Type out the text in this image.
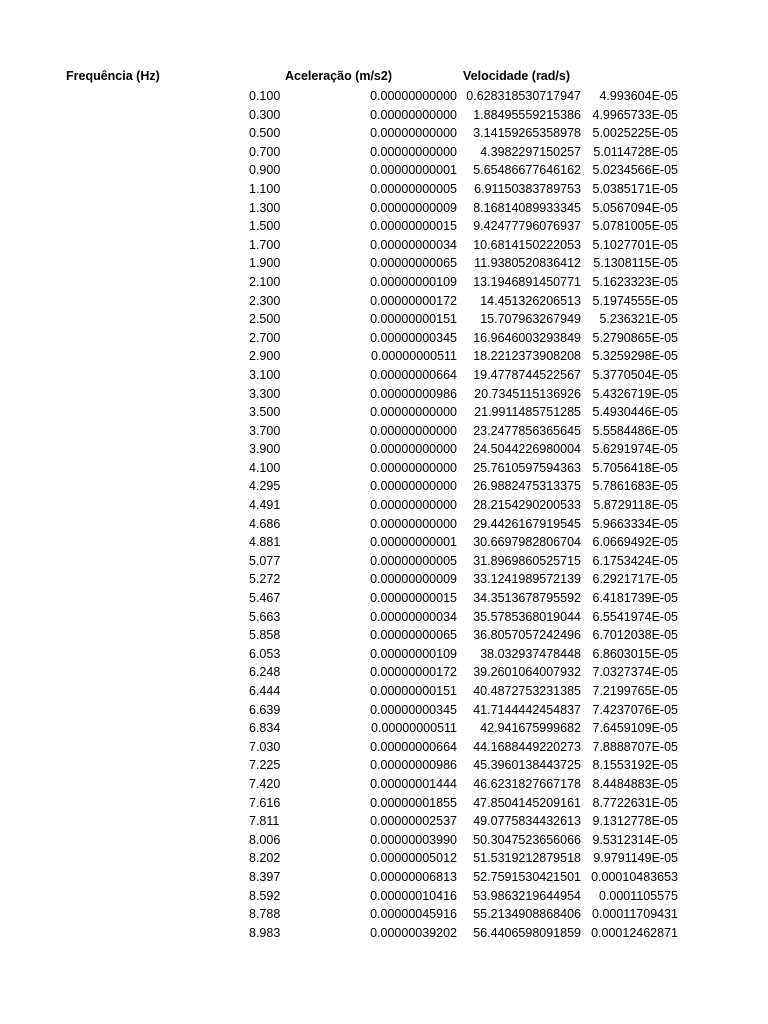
Frequência (Hz)	Aceleração (m/s2)	Velocidade (rad/s)
0.100	0.00000000000 0.628318530717947 4.993604E-05
0.300	0.00000000000 1.88495559215386 4.9965733E-05
0.500	0.00000000000 3.14159265358978 5.0025225E-05
0.700	0.00000000000 4.3982297150257 5.0114728E-05
0.900	0.00000000001 5.65486677646162 5.0234566E-05
1.100	0.00000000005 6.91150383789753 5.0385171E-05
1.300	0.00000000009 8.16814089933345 5.0567094E-05
1.500	0.00000000015 9.42477796076937 5.0781005E-05
1.700	0.00000000034 10.6814150222053 5.1027701E-05
1.900	0.00000000065 11.9380520836412 5.1308115E-05
2.100	0.00000000109 13.1946891450771 5.1623323E-05
2.300	0.00000000172 14.451326206513 5.1974555E-05
2.500	0.00000000151 15.707963267949 5.236321E-05
2.700	0.00000000345 16.9646003293849 5.2790865E-05
2.900	0.00000000511 18.2212373908208 5.3259298E-05
3.100	0.00000000664 19.4778744522567 5.3770504E-05
3.300	0.00000000986 20.7345115136926 5.4326719E-05
3.500	0.00000000000 21.9911485751285 5.4930446E-05
3.700	0.00000000000 23.2477856365645 5.5584486E-05
3.900	0.00000000000 24.5044226980004 5.6291974E-05
4.100	0.00000000000 25.7610597594363 5.7056418E-05
4.295	0.00000000000 26.9882475313375 5.7861683E-05
4.491	0.00000000000 28.2154290200533 5.8729118E-05
4.686	0.00000000000 29.4426167919545 5.9663334E-05
4.881	0.00000000001 30.6697982806704 6.0669492E-05
5.077	0.00000000005 31.8969860525715 6.1753424E-05
5.272	0.00000000009 33.1241989572139 6.2921717E-05
5.467	0.00000000015 34.3513678795592 6.4181739E-05
5.663	0.00000000034 35.5785368019044 6.5541974E-05
5.858	0.00000000065 36.8057057242496 6.7012038E-05
6.053	0.00000000109 38.032937478448 6.8603015E-05
6.248	0.00000000172 39.2601064007932 7.0327374E-05
6.444	0.00000000151 40.4872753231385 7.2199765E-05
6.639	0.00000000345 41.7144442454837 7.4237076E-05
6.834	0.00000000511 42.941675999682 7.6459109E-05
7.030	0.00000000664 44.1688449220273 7.8888707E-05
7.225	0.00000000986 45.3960138443725 8.1553192E-05
7.420	0.00000001444 46.6231827667178 8.4484883E-05
7.616	0.00000001855 47.8504145209161 8.7722631E-05
7.811	0.00000002537 49.0775834432613 9.1312778E-05
8.006	0.00000003990 50.3047523656066 9.5312314E-05
8.202	0.00000005012 51.5319212879518 9.9791149E-05
8.397	0.00000006813 52.7591530421501 0.00010483653
8.592	0.00000010416 53.9863219644954 0.0001105575
8.788	0.00000045916 55.2134908868406 0.00011709431
8.983	0.00000039202 56.4406598091859 0.00012462871
